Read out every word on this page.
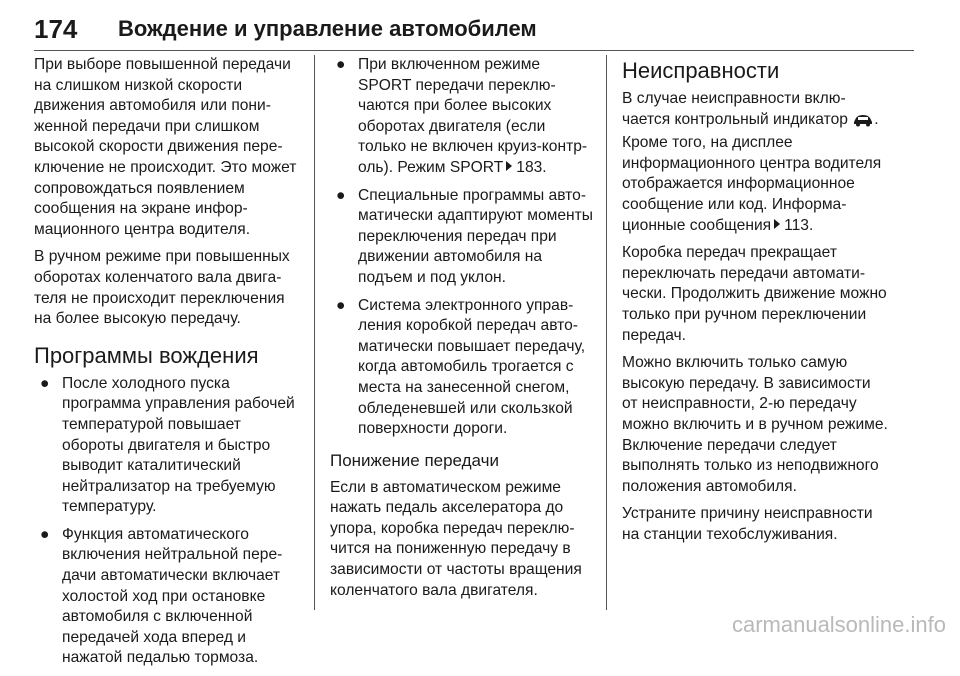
174 Вождение и управление автомобилем

При выборе повышенной передачи на слишком низкой скорости движения автомобиля или пониженной передачи при слишком высокой скорости движения переключение не происходит. Это может сопровождаться появлением сообщения на экране информационного центра водителя.

В ручном режиме при повышенных оборотах коленчатого вала двигателя не происходит переключения на более высокую передачу.

Программы вождения
● После холодного пуска программа управления рабочей температурой повышает обороты двигателя и быстро выводит каталитический нейтрализатор на требуемую температуру.
● Функция автоматического включения нейтральной передачи автоматически включает холостой ход при остановке автомобиля с включенной передачей хода вперед и нажатой педалью тормоза.
● При включенном режиме SPORT передачи переключаются при более высоких оборотах двигателя (если только не включен круиз-контроль). Режим SPORT 183.
● Специальные программы автоматически адаптируют моменты переключения передач при движении автомобиля на подъем и под уклон.
● Система электронного управления коробкой передач автоматически повышает передачу, когда автомобиль трогается с места на занесенной снегом, обледеневшей или скользкой поверхности дороги.
Понижение передачи

Если в автоматическом режиме нажать педаль акселератора до упора, коробка передач переключится на пониженную передачу в зависимости от частоты вращения коленчатого вала двигателя.

Неисправности

В случае неисправности включается контрольный индикатор . Кроме того, на дисплее информационного центра водителя отображается информационное сообщение или код. Информационные сообщения 113.

Коробка передач прекращает переключать передачи автоматически. Продолжить движение можно только при ручном переключении передач.

Можно включить только самую высокую передачу. В зависимости от неисправности, 2-ю передачу можно включить и в ручном режиме. Включение передачи следует выполнять только из неподвижного положения автомобиля.

Устраните причину неисправности на станции техобслуживания.

carmanualsonline.info
